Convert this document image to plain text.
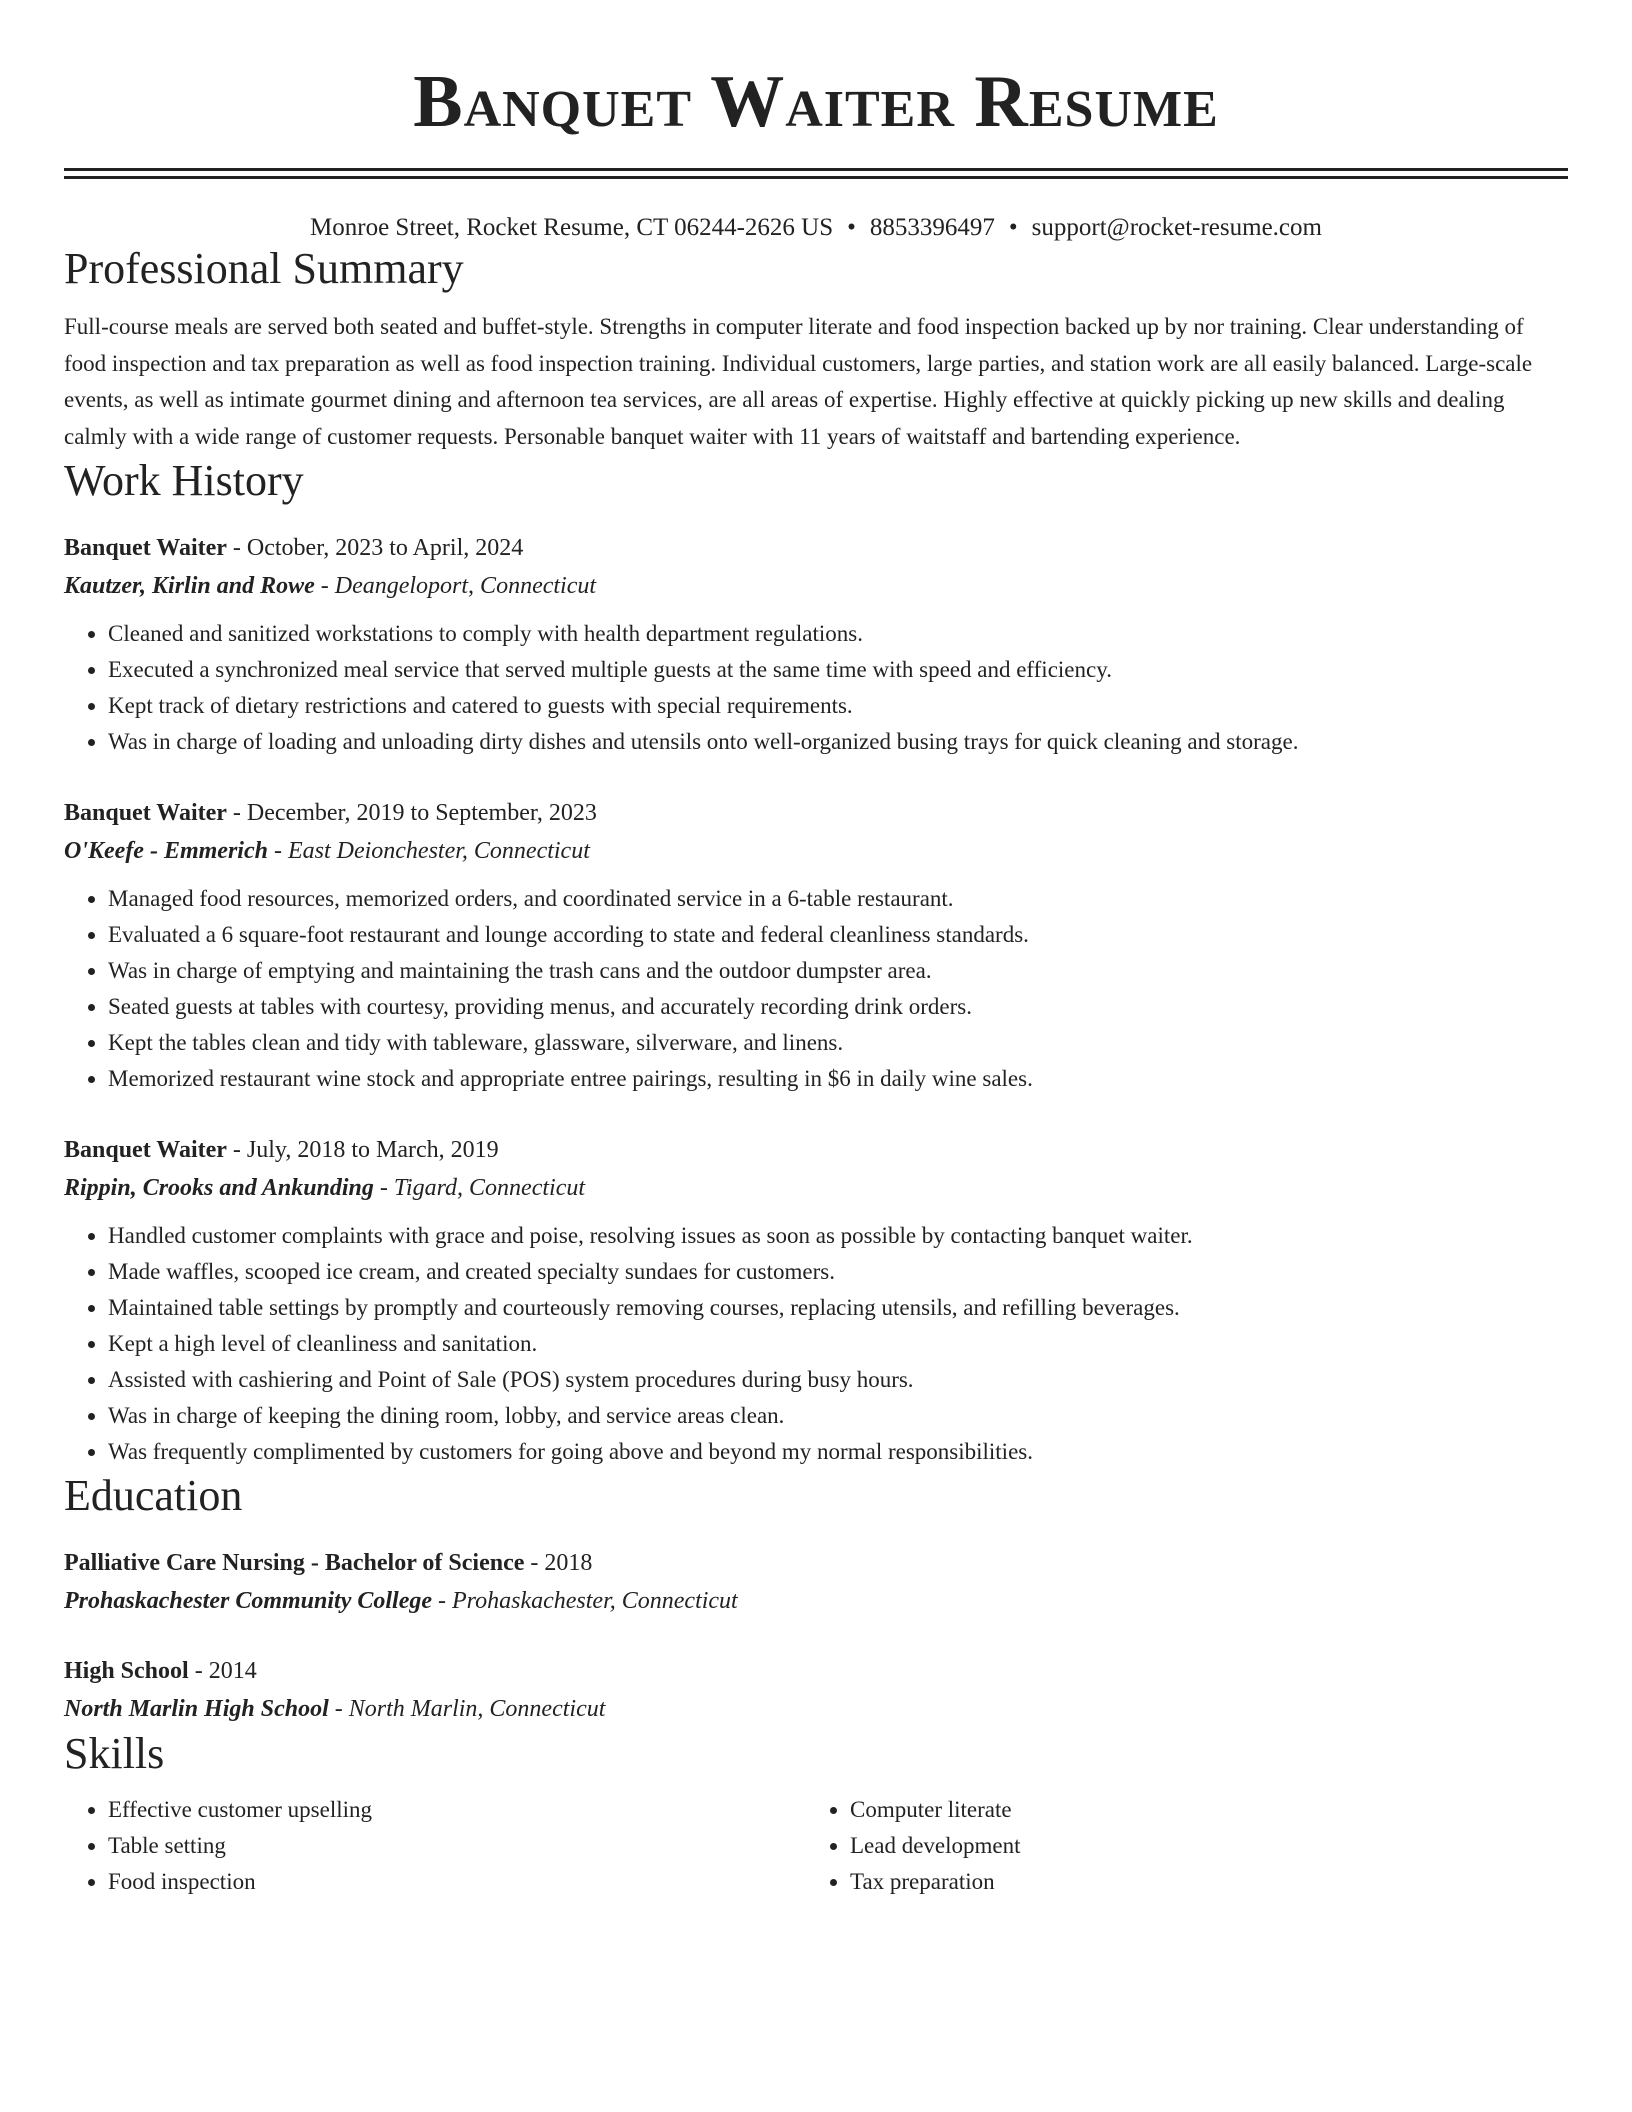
Banquet Waiter Resume
Monroe Street, Rocket Resume, CT 06244-2626 US • 8853396497 • support@rocket-resume.com
Professional Summary
Full-course meals are served both seated and buffet-style. Strengths in computer literate and food inspection backed up by nor training. Clear understanding of food inspection and tax preparation as well as food inspection training. Individual customers, large parties, and station work are all easily balanced. Large-scale events, as well as intimate gourmet dining and afternoon tea services, are all areas of expertise. Highly effective at quickly picking up new skills and dealing calmly with a wide range of customer requests. Personable banquet waiter with 11 years of waitstaff and bartending experience.
Work History
Banquet Waiter - October, 2023 to April, 2024
Kautzer, Kirlin and Rowe - Deangeloport, Connecticut
• Cleaned and sanitized workstations to comply with health department regulations.
• Executed a synchronized meal service that served multiple guests at the same time with speed and efficiency.
• Kept track of dietary restrictions and catered to guests with special requirements.
• Was in charge of loading and unloading dirty dishes and utensils onto well-organized busing trays for quick cleaning and storage.
Banquet Waiter - December, 2019 to September, 2023
O'Keefe - Emmerich - East Deionchester, Connecticut
• Managed food resources, memorized orders, and coordinated service in a 6-table restaurant.
• Evaluated a 6 square-foot restaurant and lounge according to state and federal cleanliness standards.
• Was in charge of emptying and maintaining the trash cans and the outdoor dumpster area.
• Seated guests at tables with courtesy, providing menus, and accurately recording drink orders.
• Kept the tables clean and tidy with tableware, glassware, silverware, and linens.
• Memorized restaurant wine stock and appropriate entree pairings, resulting in $6 in daily wine sales.
Banquet Waiter - July, 2018 to March, 2019
Rippin, Crooks and Ankunding - Tigard, Connecticut
• Handled customer complaints with grace and poise, resolving issues as soon as possible by contacting banquet waiter.
• Made waffles, scooped ice cream, and created specialty sundaes for customers.
• Maintained table settings by promptly and courteously removing courses, replacing utensils, and refilling beverages.
• Kept a high level of cleanliness and sanitation.
• Assisted with cashiering and Point of Sale (POS) system procedures during busy hours.
• Was in charge of keeping the dining room, lobby, and service areas clean.
• Was frequently complimented by customers for going above and beyond my normal responsibilities.
Education
Palliative Care Nursing - Bachelor of Science - 2018
Prohaskachester Community College - Prohaskachester, Connecticut
High School - 2014
North Marlin High School - North Marlin, Connecticut
Skills
• Effective customer upselling
• Table setting
• Food inspection
• Computer literate
• Lead development
• Tax preparation
